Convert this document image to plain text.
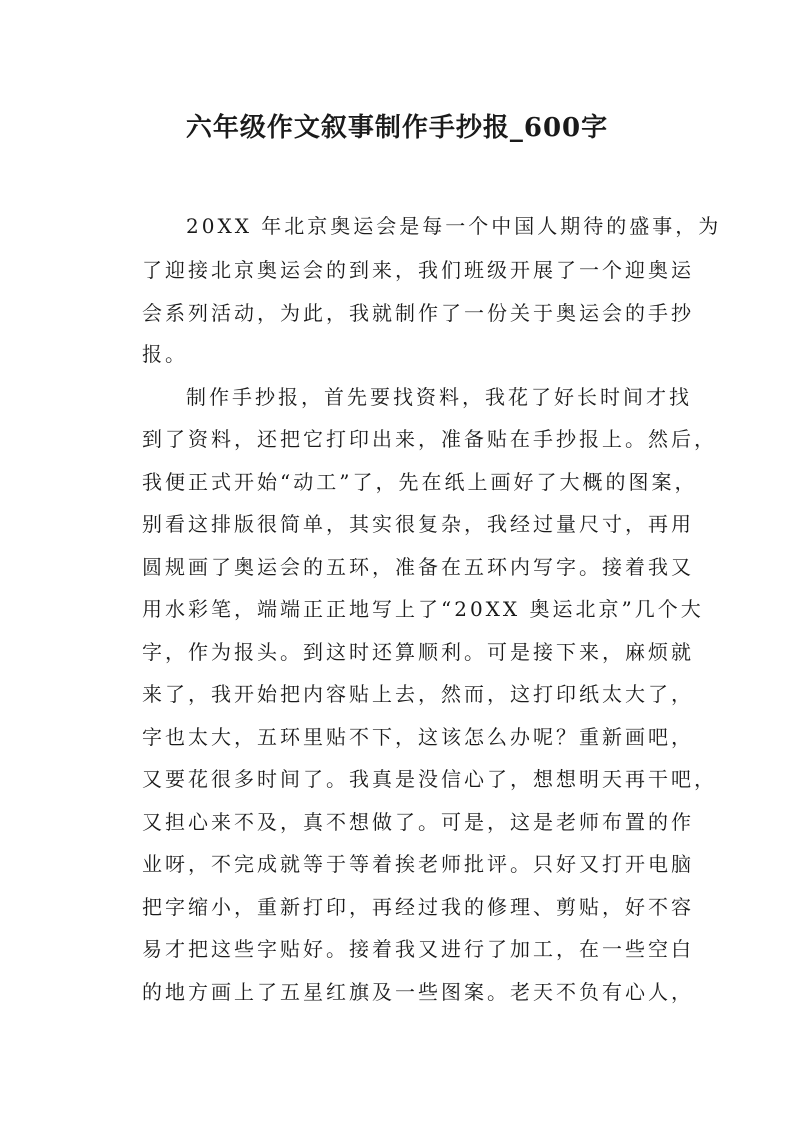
六年级作文叙事制作手抄报_600字
20XX 年北京奥运会是每一个中国人期待的盛事，为
了迎接北京奥运会的到来，我们班级开展了一个迎奥运
会系列活动，为此，我就制作了一份关于奥运会的手抄
报。
制作手抄报，首先要找资料，我花了好长时间才找
到了资料，还把它打印出来，准备贴在手抄报上。然后，
我便正式开始“动工”了，先在纸上画好了大概的图案，
别看这排版很简单，其实很复杂，我经过量尺寸，再用
圆规画了奥运会的五环，准备在五环内写字。接着我又
用水彩笔，端端正正地写上了“20XX 奥运北京”几个大
字，作为报头。到这时还算顺利。可是接下来，麻烦就
来了，我开始把内容贴上去，然而，这打印纸太大了，
字也太大，五环里贴不下，这该怎么办呢？重新画吧，
又要花很多时间了。我真是没信心了，想想明天再干吧，
又担心来不及，真不想做了。可是，这是老师布置的作
业呀，不完成就等于等着挨老师批评。只好又打开电脑
把字缩小，重新打印，再经过我的修理、剪贴，好不容
易才把这些字贴好。接着我又进行了加工，在一些空白
的地方画上了五星红旗及一些图案。老天不负有心人，
